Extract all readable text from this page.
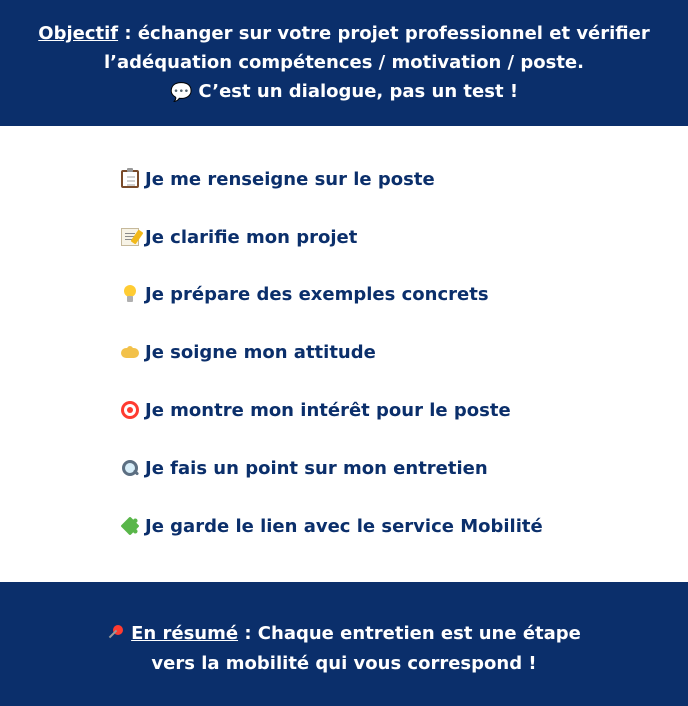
Objectif : échanger sur votre projet professionnel et vérifier
l’adéquation compétences / motivation / poste.
💬 C’est un dialogue, pas un test !
Je me renseigne sur le poste
Je clarifie mon projet
Je prépare des exemples concrets
Je soigne mon attitude
Je montre mon intérêt pour le poste
Je fais un point sur mon entretien
Je garde le lien avec le service Mobilité
En résumé : Chaque entretien est une étape
vers la mobilité qui vous correspond !
